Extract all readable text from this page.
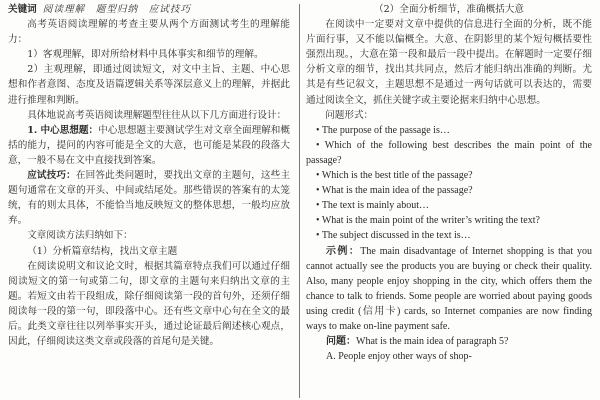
关键词 阅读理解　题型归纳　应试技巧

高考英语阅读理解的考查主要从两个方面测试考生的理解能力：

1）客观理解，即对所给材料中具体事实和细节的理解。

2）主观理解，即通过阅读短文，对文中主旨、主题、中心思想和作者意图、态度及语篇逻辑关系等深层意义上的理解，并据此进行推理和判断。

具体地说高考英语阅读理解题型往往从以下几方面进行设计：

1. 中心思想题：中心思想题主要测试学生对文章全面理解和概括的能力，提问的内容可能是全文的大意，也可能是某段的段落大意，一般不易在文中直接找到答案。

应试技巧：在回答此类问题时，要找出文章的主题句，这些主题句通常在文章的开头、中间或结尾处。那些错误的答案有的太笼统，有的则太具体，不能恰当地反映短文的整体思想，一般均应放弃。

文章阅读方法归纳如下：

（1）分析篇章结构，找出文章主题

在阅读说明文和议论文时，根据其篇章特点我们可以通过仔细阅读短文的第一句或第二句，即文章的主题句来归纳出文章的主题。若短文由若干段组成，除仔细阅读第一段的首句外，还须仔细阅读每一段的第一句，即段落中心。还有些文章中心句在全文的最后。此类文章往往以列举事实开头，通过论证最后阐述核心观点，因此，仔细阅读这类文章或段落的首尾句是关键。

（2）全面分析细节，准确概括大意

在阅读中一定要对文章中提供的信息进行全面的分析，既不能片面行事，又不能以偏概全。大意、在阴影里的某个短句概括要性强烈出现。，大意在第一段和最后一段中提出。在解题时一定要仔细分析文章的细节，找出其共同点，然后才能归纳出准确的判断。尤其是有些记叙文，主题思想不是通过一两句话就可以表达的，需要通过阅读全文，抓住关键字或主要论据来归纳中心思想。

问题形式：

• The purpose of the passage is…

• Which of the following best describes the main point of the passage?

• Which is the best title of the passage?

• What is the main idea of the passage?

• The text is mainly about…

• What is the main point of the writer’s writing the text?

• The subject discussed in the text is…

示例：The main disadvantage of Internet shopping is that you cannot actually see the products you are buying or check their quality. Also, many people enjoy shopping in the city, which offers them the chance to talk to friends. Some people are worried about paying goods using credit (信用卡) cards, so Internet companies are now finding ways to make on-line payment safe.

问题：What is the main idea of paragraph 5?

A. People enjoy other ways of shop-
